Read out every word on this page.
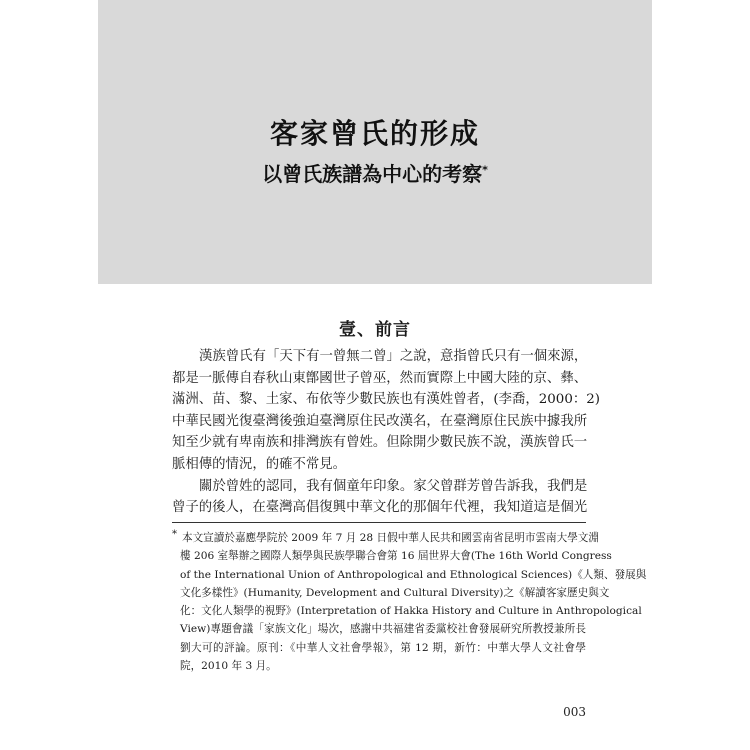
客家曾氏的形成
以曾氏族譜為中心的考察*
壹、前言
漢族曾氏有「天下有一曾無二曾」之說，意指曾氏只有一個來源，
都是一脈傳自春秋山東鄫國世子曾巫，然而實際上中國大陸的京、彝、
滿洲、苗、黎、土家、布依等少數民族也有漢姓曾者，(李喬，2000：2)
中華民國光復臺灣後強迫臺灣原住民改漢名，在臺灣原住民族中據我所
知至少就有卑南族和排灣族有曾姓。但除開少數民族不說，漢族曾氏一
脈相傳的情況，的確不常見。
關於曾姓的認同，我有個童年印象。家父曾群芳曾告訴我，我們是
曾子的後人，在臺灣高倡復興中華文化的那個年代裡，我知道這是個光
* 本文宣讀於嘉應學院於 2009 年 7 月 28 日假中華人民共和國雲南省昆明市雲南大學文淵
樓 206 室舉辦之國際人類學與民族學聯合會第 16 屆世界大會(The 16th World Congress
of the International Union of Anthropological and Ethnological Sciences)《人類、發展與
文化多樣性》(Humanity, Development and Cultural Diversity)之《解讀客家歷史與文
化：文化人類學的視野》(Interpretation of Hakka History and Culture in Anthropological
View)專題會議「家族文化」場次，感謝中共福建省委黨校社會發展研究所教授兼所長
劉大可的評論。原刊：《中華人文社會學報》，第 12 期，新竹：中華大學人文社會學
院，2010 年 3 月。

003
